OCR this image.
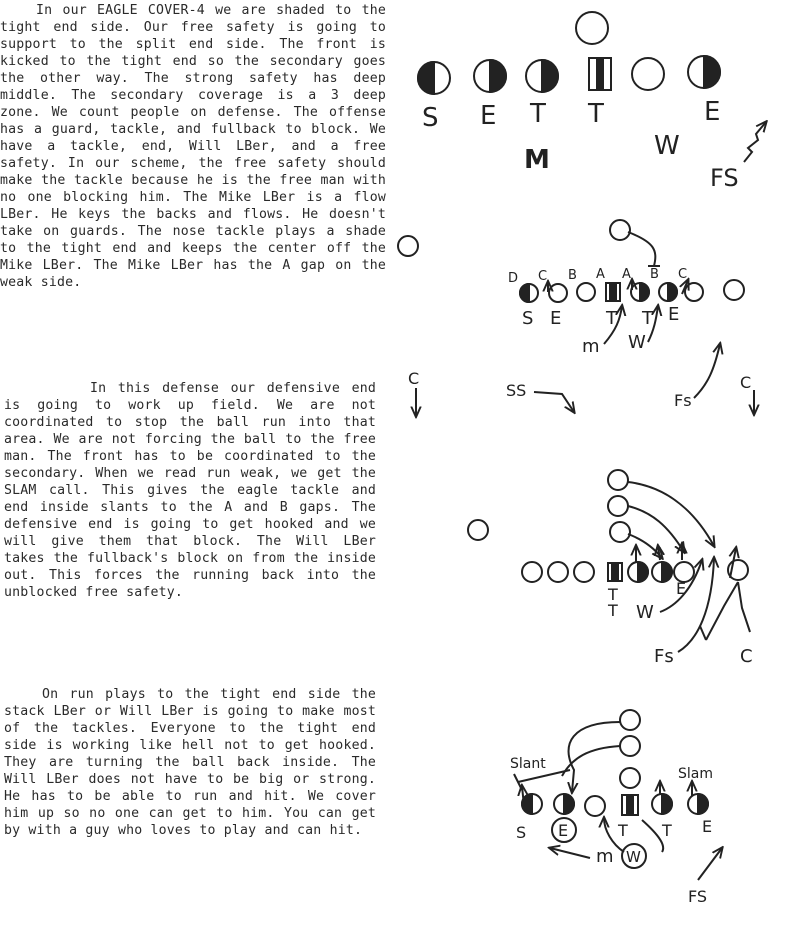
In our EAGLE COVER-4 we are shaded to the tight end side. Our free safety is going to support to the split end side. The front is kicked to the tight end so the secondary goes the other way. The strong safety has deep middle. The secondary coverage is a 3 deep zone. We count people on defense. The offense has a guard, tackle, and fullback to block. We have a tackle, end, Will LBer, and a free safety. In our scheme, the free safety should make the tackle because he is the free man with no one blocking him. The Mike LBer is a flow LBer. He keys the backs and flows. He doesn't take on guards. The nose tackle plays a shade to the tight end and keeps the center off the Mike LBer. The Mike LBer has the A gap on the weak side.

In this defense our defensive end is going to work up field. We are not coordinated to stop the ball run into that area. We are not forcing the ball to the free man. The front has to be coordinated to the secondary. When we read run weak, we get the SLAM call. This gives the eagle tackle and end inside slants to the A and B gaps. The defensive end is going to get hooked and we will give them that block. The Will LBer takes the fullback's block on from the inside out. This forces the running back into the unblocked free safety.

On run plays to the tight end side the stack LBer or Will LBer is going to make most of the tackles. Everyone to the tight end side is working like hell not to get hooked. They are turning the ball back inside. The Will LBer does not have to be big or strong. He has to be able to run and hit. We cover him up so no one can get to him. You can get by with a guy who loves to play and can hit.

S E T T	E
M	W
FS
D C B A A B C
S E T T E
m W
C
SS
Fs
C
T
T
E
W
Fs	C
Slant
Slam
S E	T T E
m W
FS
